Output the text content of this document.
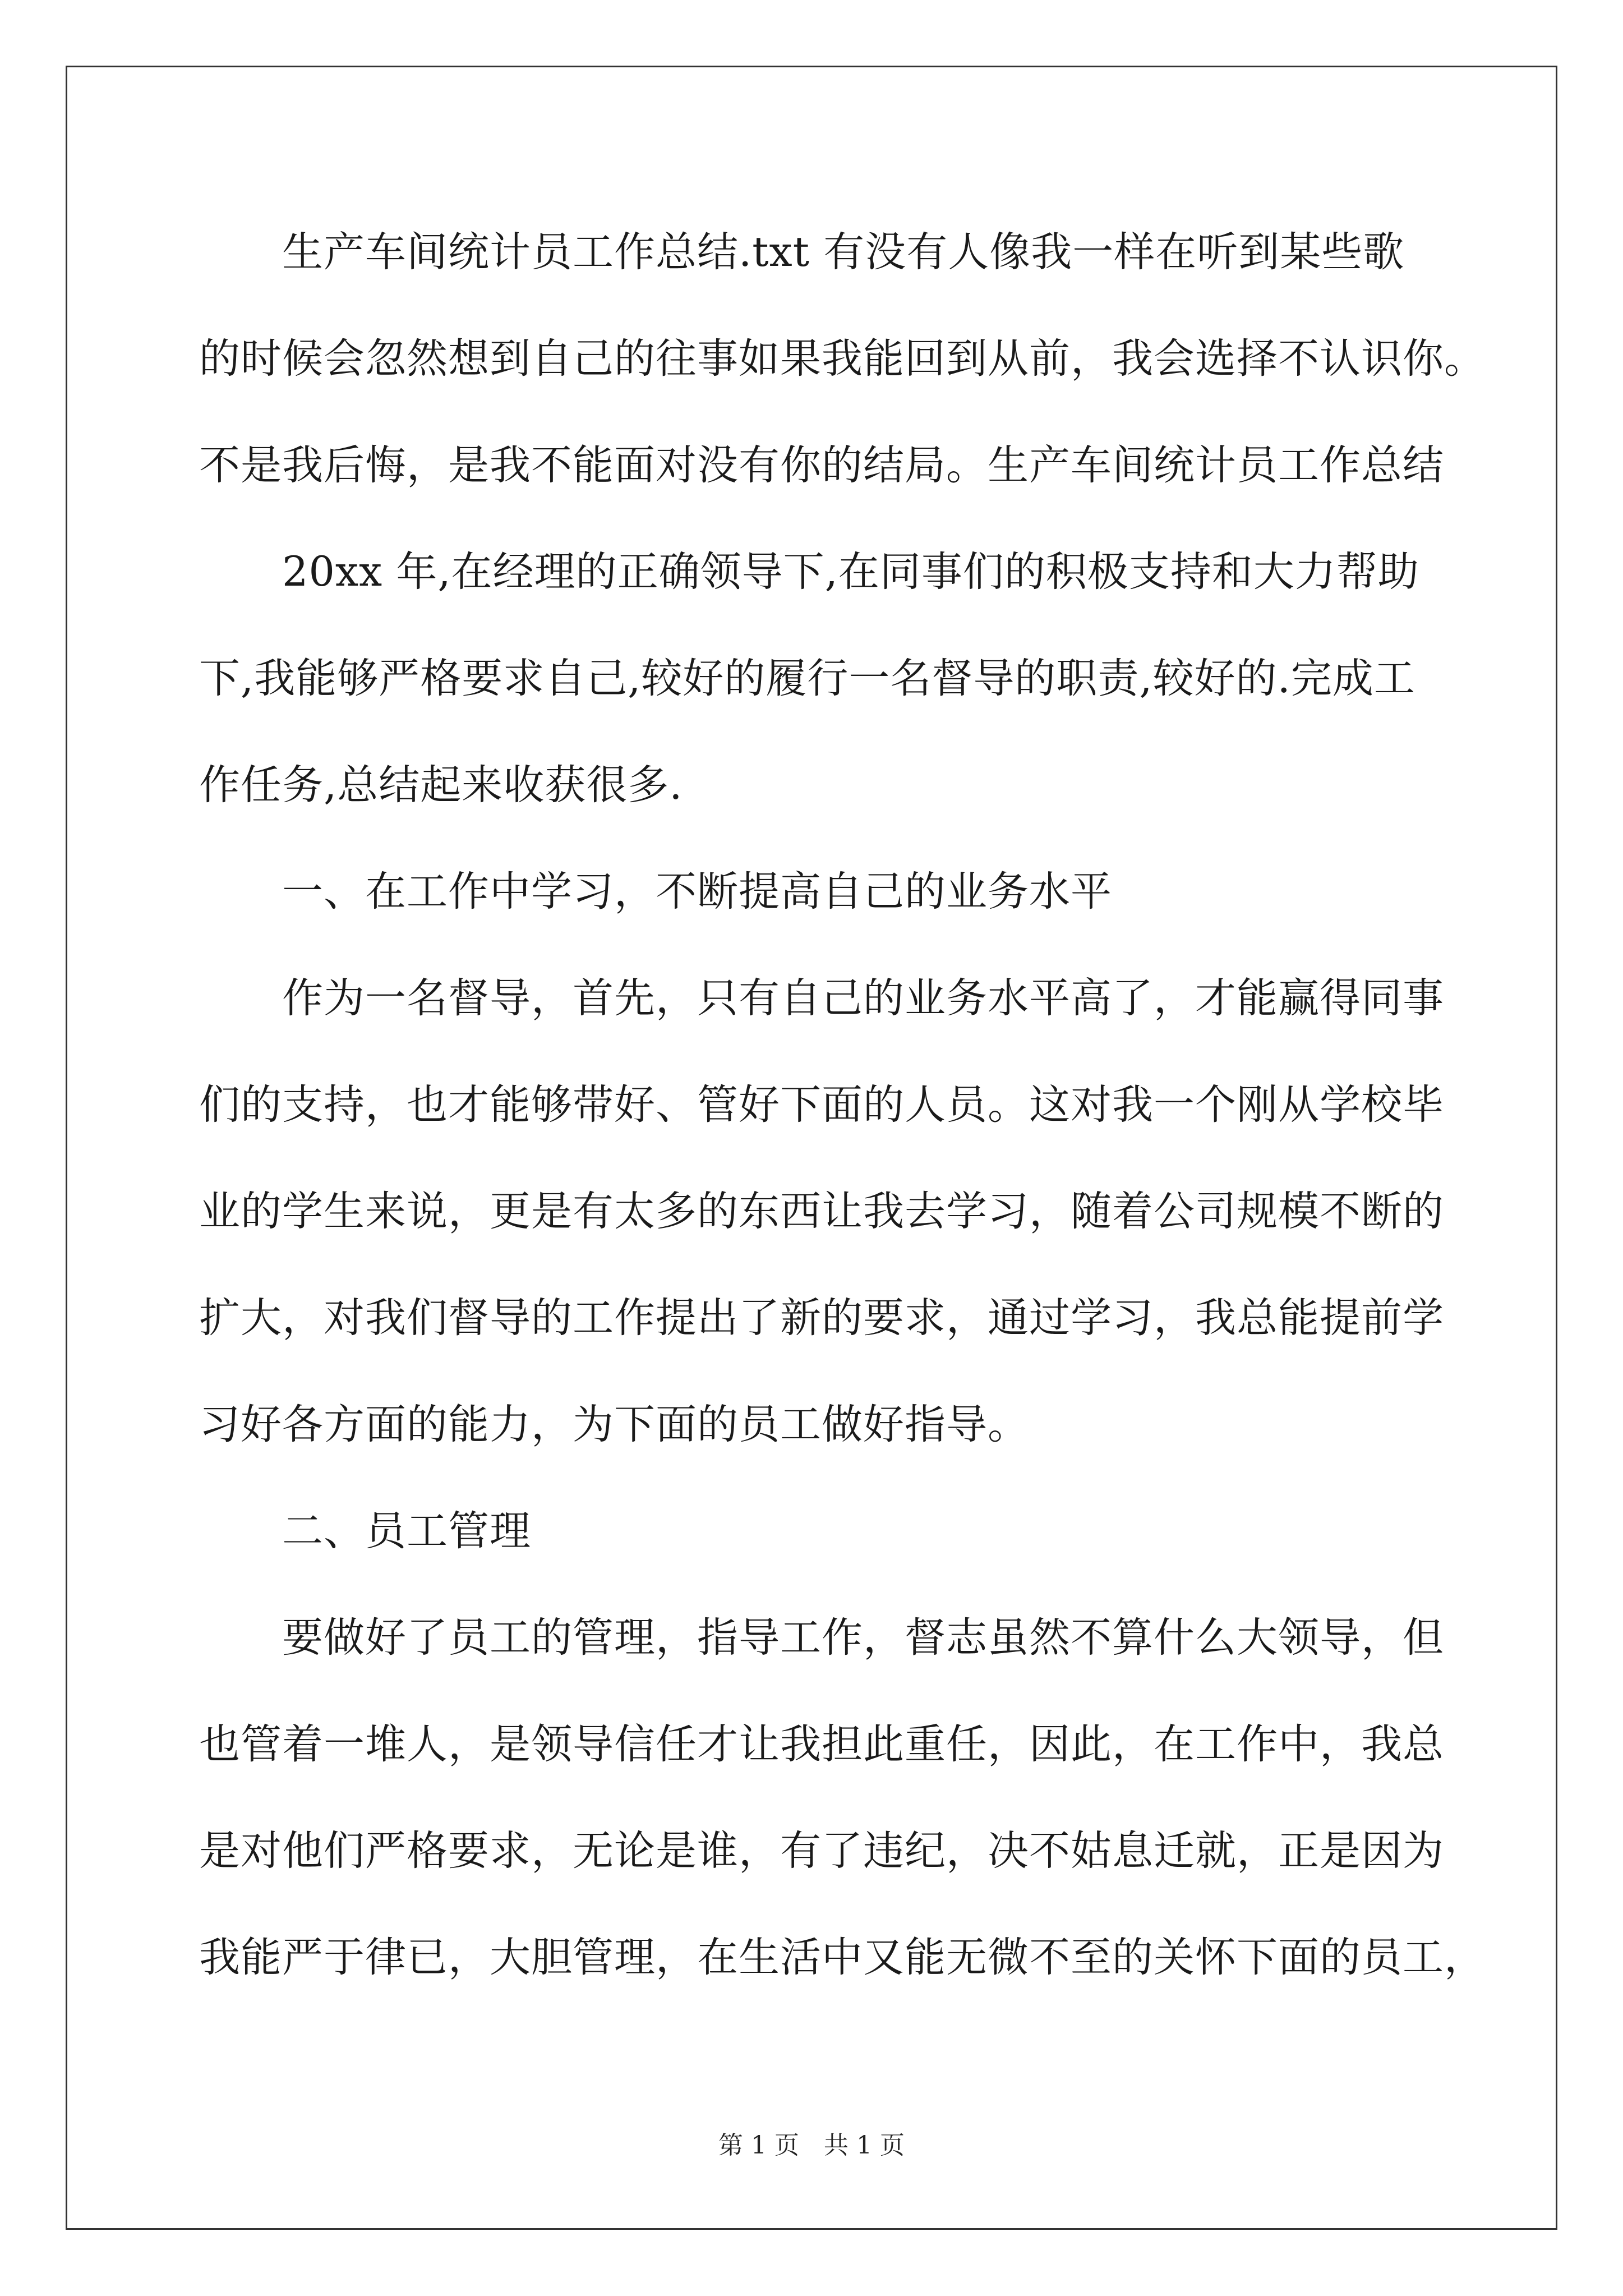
　　生产车间统计员工作总结.txt 有没有人像我一样在听到某些歌
的时候会忽然想到自己的往事如果我能回到从前，我会选择不认识你。
不是我后悔，是我不能面对没有你的结局。生产车间统计员工作总结
　　20xx 年,在经理的正确领导下,在同事们的积极支持和大力帮助
下,我能够严格要求自己,较好的履行一名督导的职责,较好的.完成工
作任务,总结起来收获很多.
　　一、在工作中学习，不断提高自己的业务水平
　　作为一名督导，首先，只有自己的业务水平高了，才能赢得同事
们的支持，也才能够带好、管好下面的人员。这对我一个刚从学校毕
业的学生来说，更是有太多的东西让我去学习，随着公司规模不断的
扩大，对我们督导的工作提出了新的要求，通过学习，我总能提前学
习好各方面的能力，为下面的员工做好指导。
　　二、员工管理
　　要做好了员工的管理，指导工作，督志虽然不算什么大领导，但
也管着一堆人，是领导信任才让我担此重任，因此，在工作中，我总
是对他们严格要求，无论是谁，有了违纪，决不姑息迁就，正是因为
我能严于律已，大胆管理，在生活中又能无微不至的关怀下面的员工，
第 1 页　共 1 页
